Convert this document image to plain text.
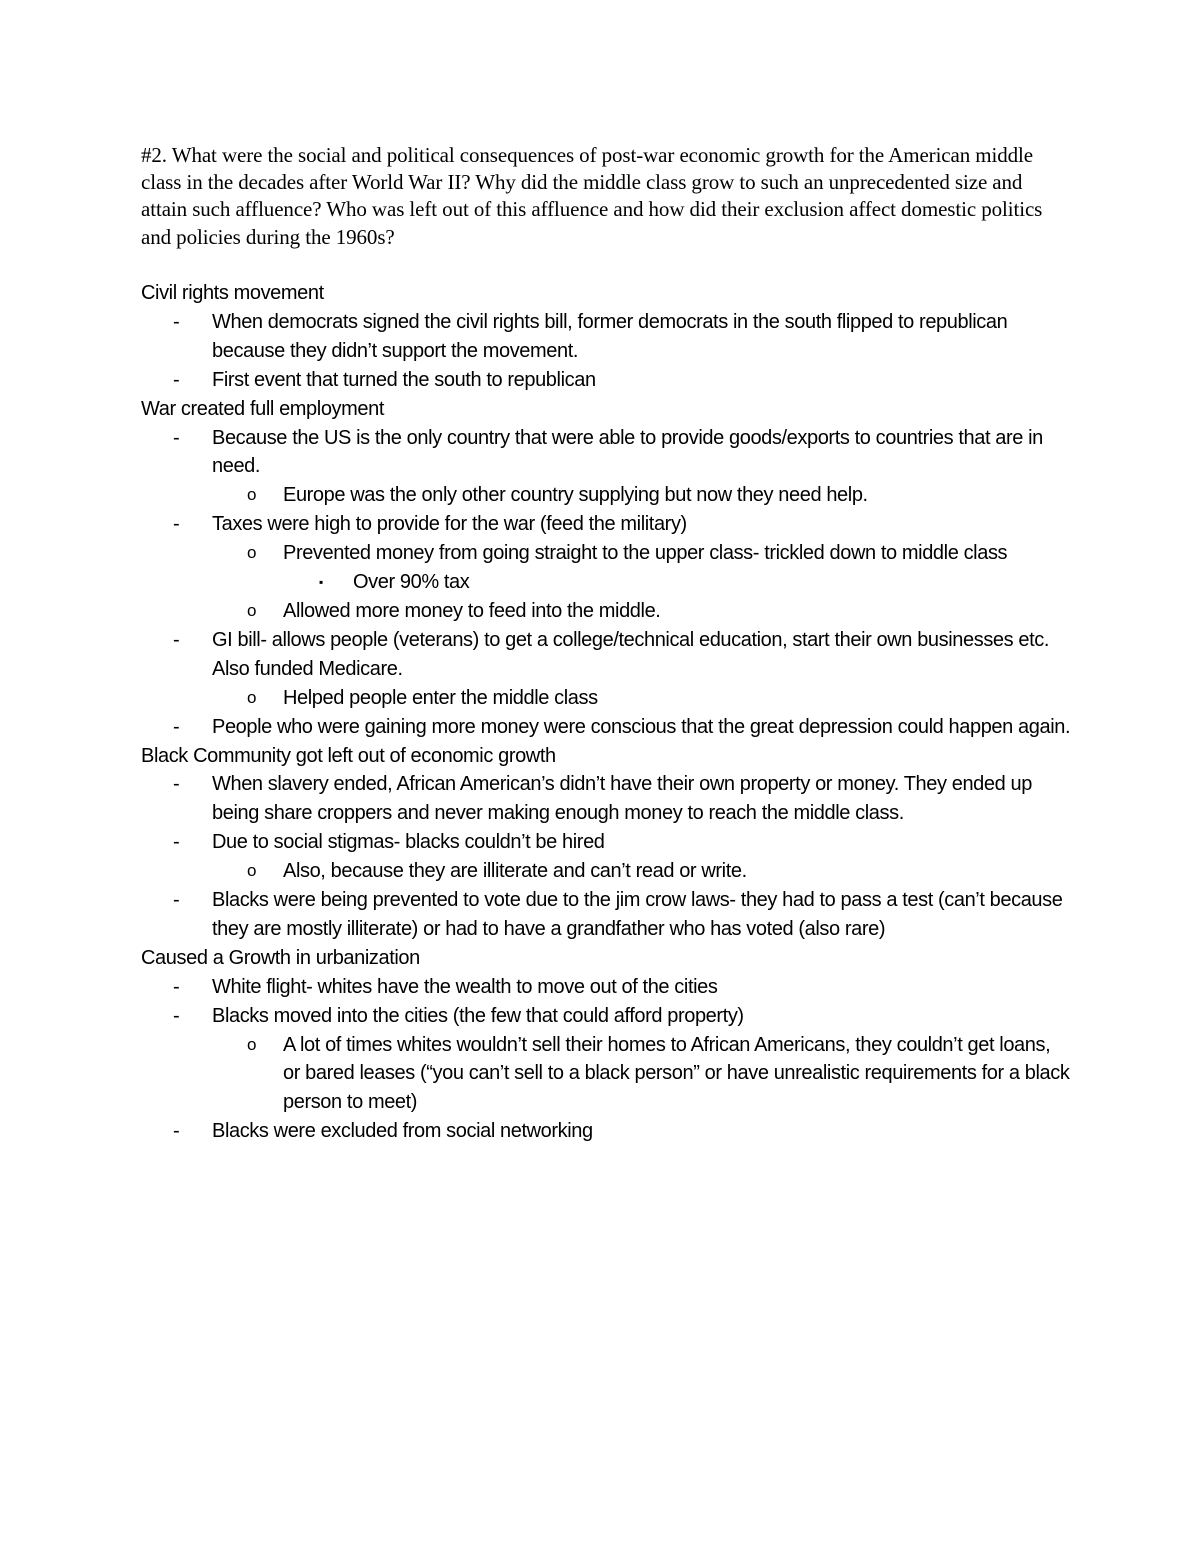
#2. What were the social and political consequences of post-war economic growth for the American middle class in the decades after World War II? Why did the middle class grow to such an unprecedented size and attain such affluence? Who was left out of this affluence and how did their exclusion affect domestic politics and policies during the 1960s?

Civil rights movement

- When democrats signed the civil rights bill, former democrats in the south flipped to republican because they didn’t support the movement.
- First event that turned the south to republican

War created full employment

- Because the US is the only country that were able to provide goods/exports to countries that are in need.
o Europe was the only other country supplying but now they need help.
- Taxes were high to provide for the war (feed the military)
o Prevented money from going straight to the upper class- trickled down to middle class
▪ Over 90% tax
o Allowed more money to feed into the middle.
- GI bill- allows people (veterans) to get a college/technical education, start their own businesses etc. Also funded Medicare.
o Helped people enter the middle class
- People who were gaining more money were conscious that the great depression could happen again.

Black Community got left out of economic growth

- When slavery ended, African American’s didn’t have their own property or money. They ended up being share croppers and never making enough money to reach the middle class.
- Due to social stigmas- blacks couldn’t be hired
o Also, because they are illiterate and can’t read or write.
- Blacks were being prevented to vote due to the jim crow laws- they had to pass a test (can’t because they are mostly illiterate) or had to have a grandfather who has voted (also rare)

Caused a Growth in urbanization

- White flight- whites have the wealth to move out of the cities
- Blacks moved into the cities (the few that could afford property)
o A lot of times whites wouldn’t sell their homes to African Americans, they couldn’t get loans, or bared leases (“you can’t sell to a black person” or have unrealistic requirements for a black person to meet)
- Blacks were excluded from social networking
